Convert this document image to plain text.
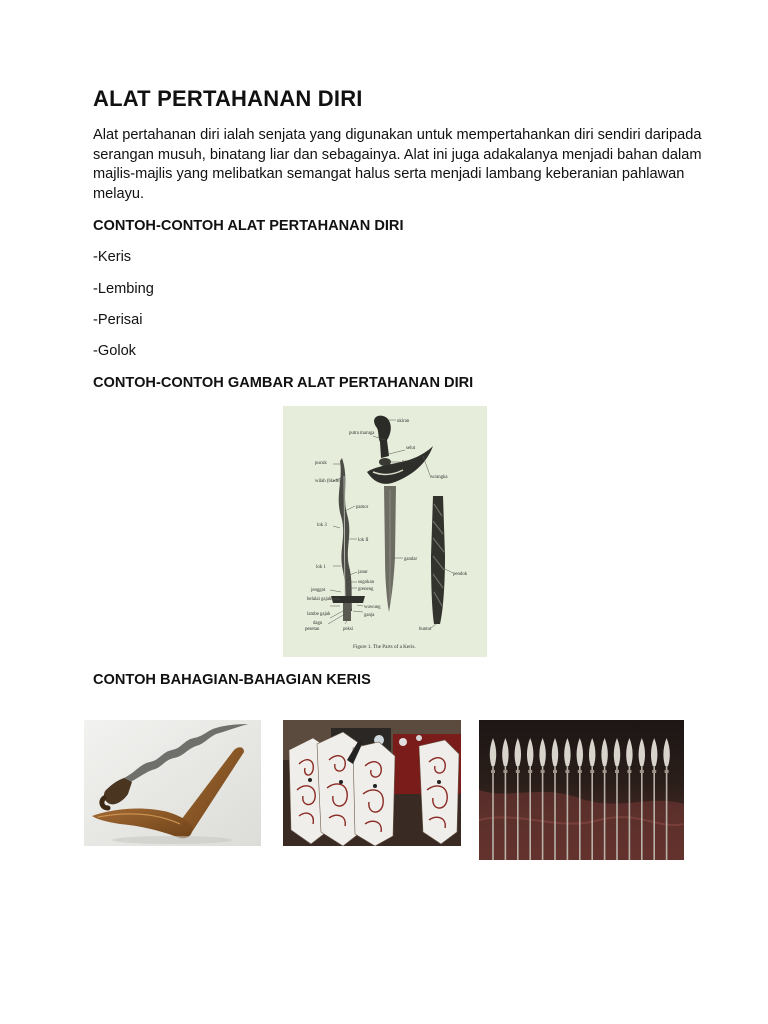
ALAT PERTAHANAN DIRI

Alat pertahanan diri ialah senjata yang digunakan untuk mempertahankan diri sendiri daripada serangan musuh, binatang liar dan sebagainya. Alat ini juga adakalanya menjadi bahan dalam majlis-majlis yang melibatkan semangat halus serta menjadi lambang keberanian pahlawan melayu.

CONTOH-CONTOH ALAT PERTAHANAN DIRI

-Keris

-Lembing

-Perisai

-Golok

CONTOH-CONTOH GAMBAR ALAT PERTAHANAN DIRI

ukiran
putra maruga
selut
pendak
wrangka
pucuk
wilah (blade)
pamor
lok 3
lok II
gandar
pendok
lok 1
janur
sogokan
greneng
jenggot
belalai gajah
lambe gajah
dagu
pesetan
wuwung
ganja
peksi	buntut
Figure 1. The Parts of a Keris.

CONTOH BAHAGIAN-BAHAGIAN KERIS
